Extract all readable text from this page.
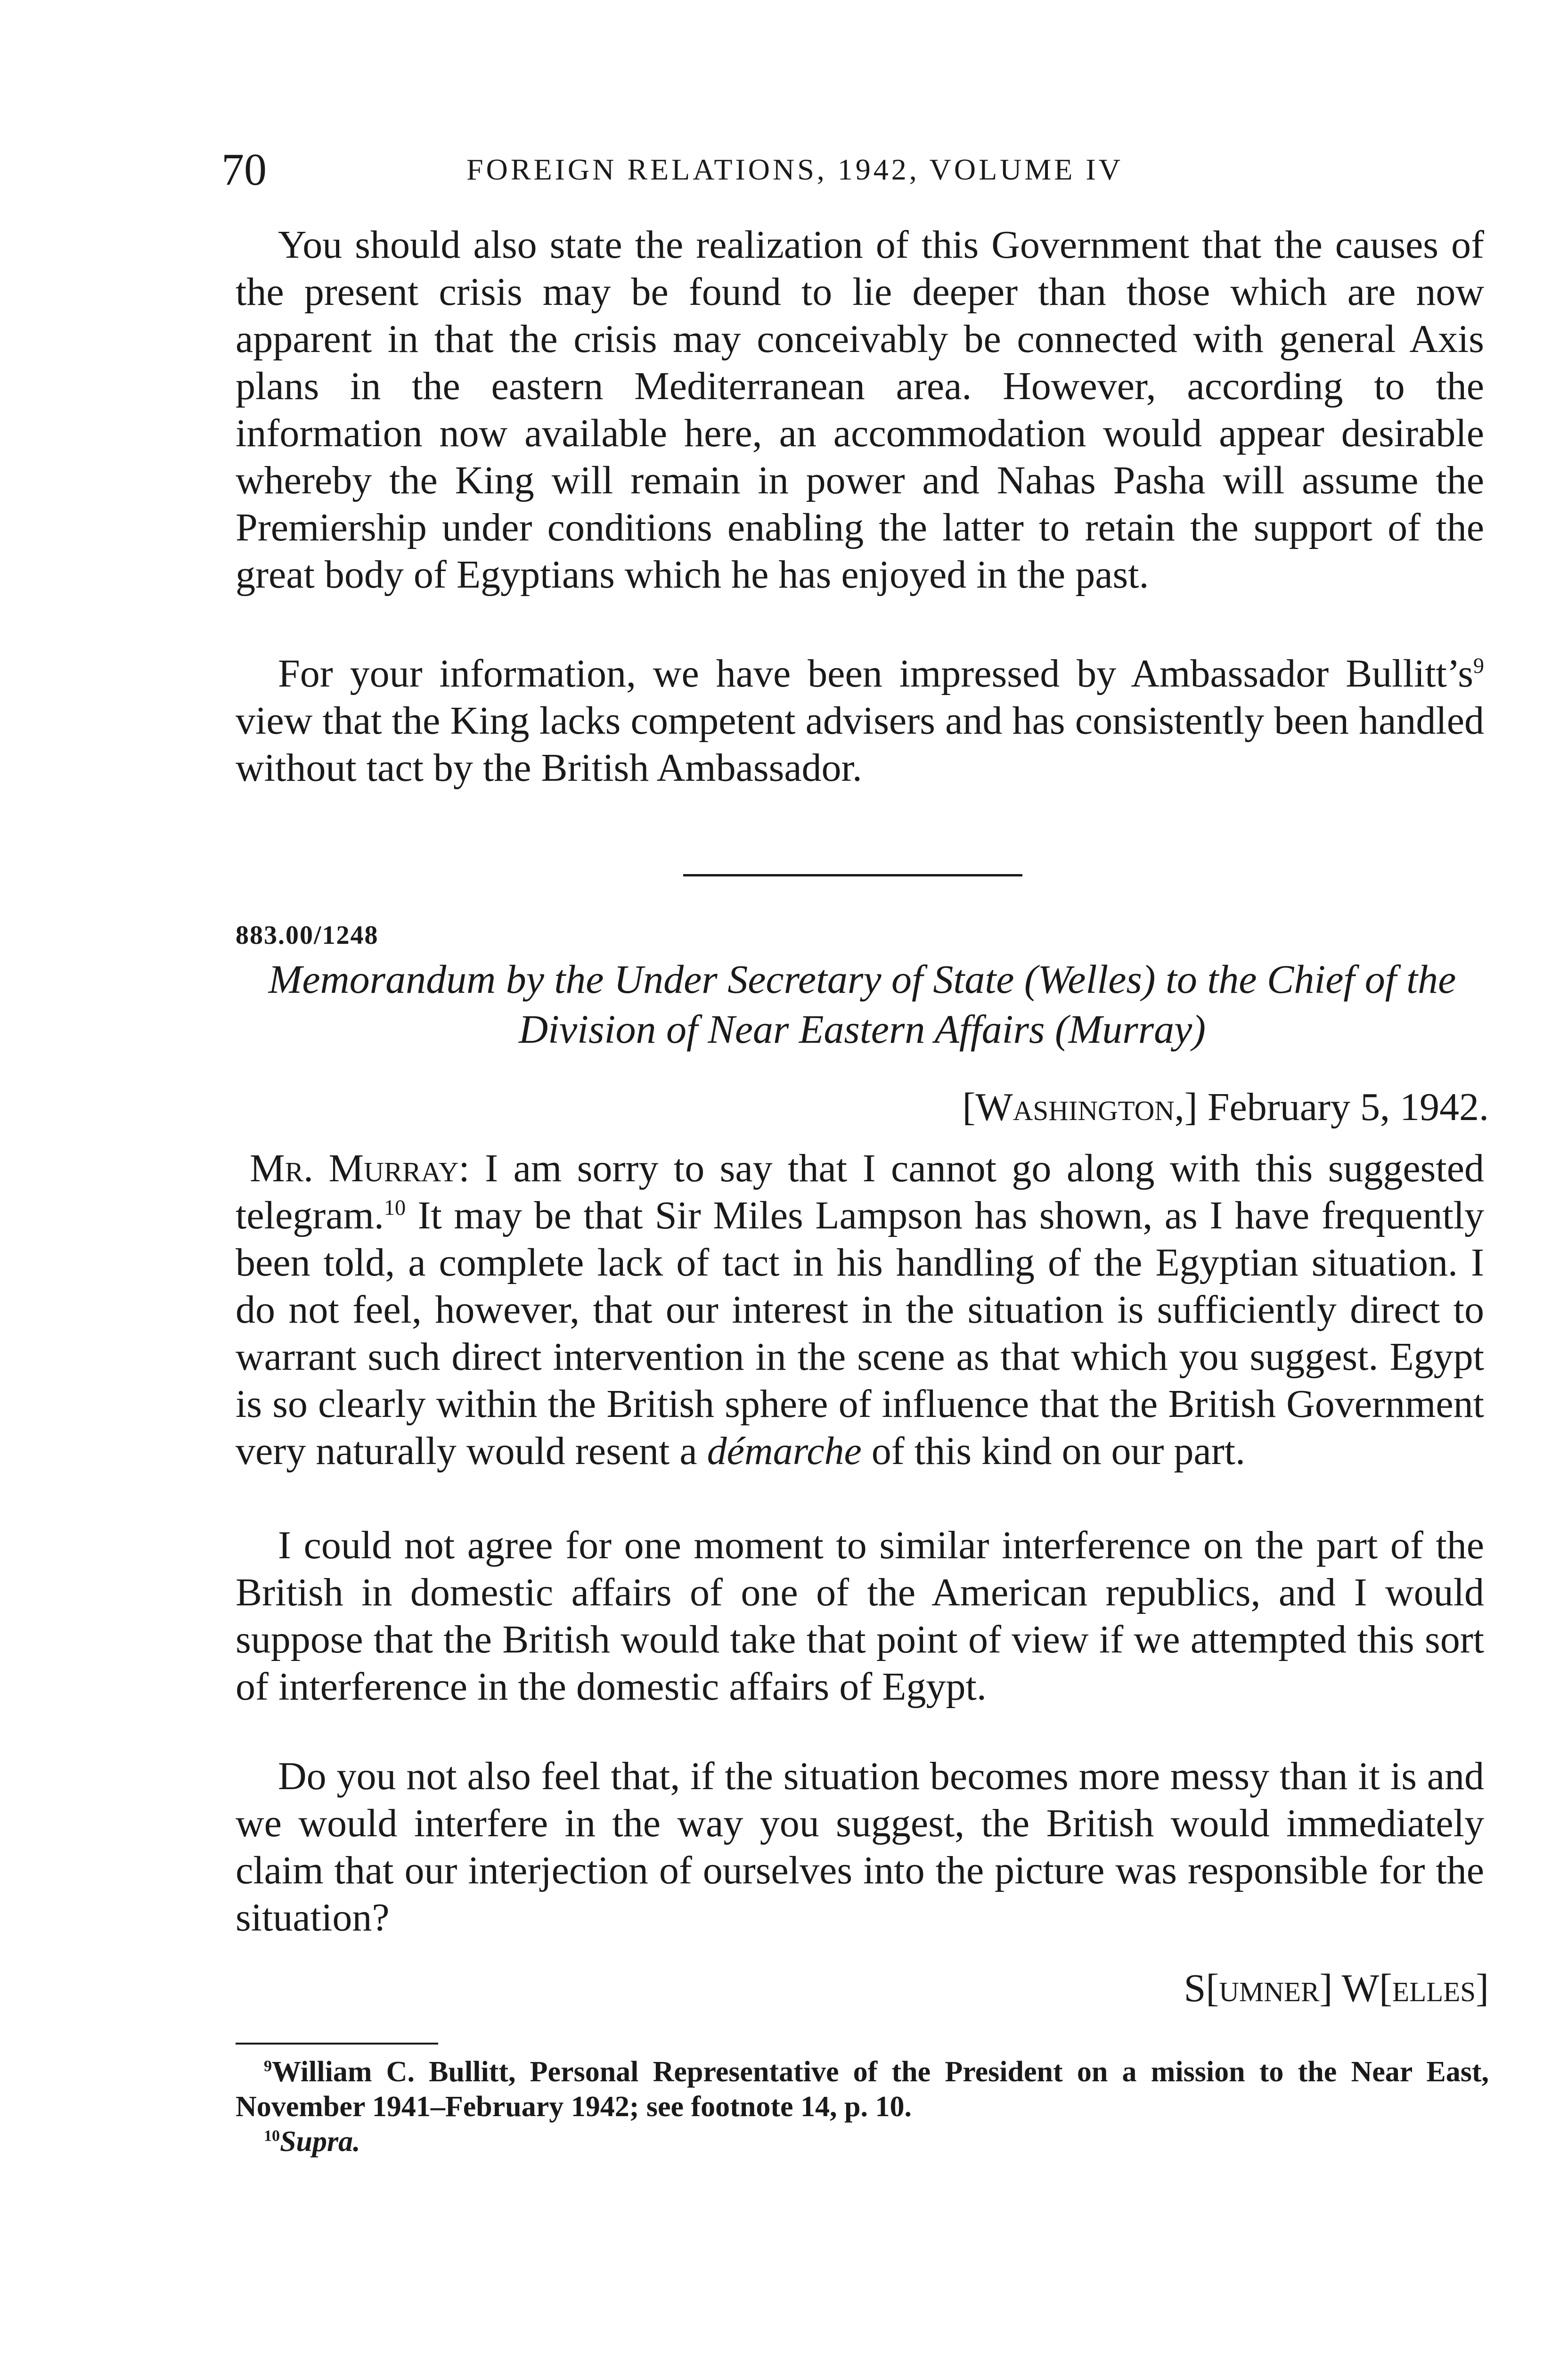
70	FOREIGN RELATIONS, 1942, VOLUME IV

You should also state the realization of this Government that the causes of the present crisis may be found to lie deeper than those which are now apparent in that the crisis may conceivably be connected with general Axis plans in the eastern Mediterranean area. However, according to the information now available here, an accommodation would appear desirable whereby the King will remain in power and Nahas Pasha will assume the Premiership under conditions enabling the latter to retain the support of the great body of Egyptians which he has enjoyed in the past.

For your information, we have been impressed by Ambassador $Bullitt’s^9$ view that the King lacks competent advisers and has consistently been handled without tact by the British Ambassador.

883.00/1248
Memorandum by the Under Secretary of State (Welles) to the Chief of the Division of Near Eastern Affairs (Murray)
[Washington,] February 5, 1942.

Mr. Murray: I am sorry to say that I cannot go along with this suggested telegram.$^{10}$ It may be that Sir Miles Lampson has shown, as I have frequently been told, a complete lack of tact in his handling of the Egyptian situation. I do not feel, however, that our interest in the situation is sufficiently direct to warrant such direct intervention in the scene as that which you suggest. Egypt is so clearly within the British sphere of influence that the British Government very naturally would resent a démarche of this kind on our part.

I could not agree for one moment to similar interference on the part of the British in domestic affairs of one of the American republics, and I would suppose that the British would take that point of view if we attempted this sort of interference in the domestic affairs of Egypt.

Do you not also feel that, if the situation becomes more messy than it is and we would interfere in the way you suggest, the British would immediately claim that our interjection of ourselves into the picture was responsible for the situation?

S[umner] W[elles]

$^9$William C. Bullitt, Personal Representative of the President on a mission to the Near East, November 1941–February 1942; see footnote 14, p. 10.

$^{10}$Supra.
